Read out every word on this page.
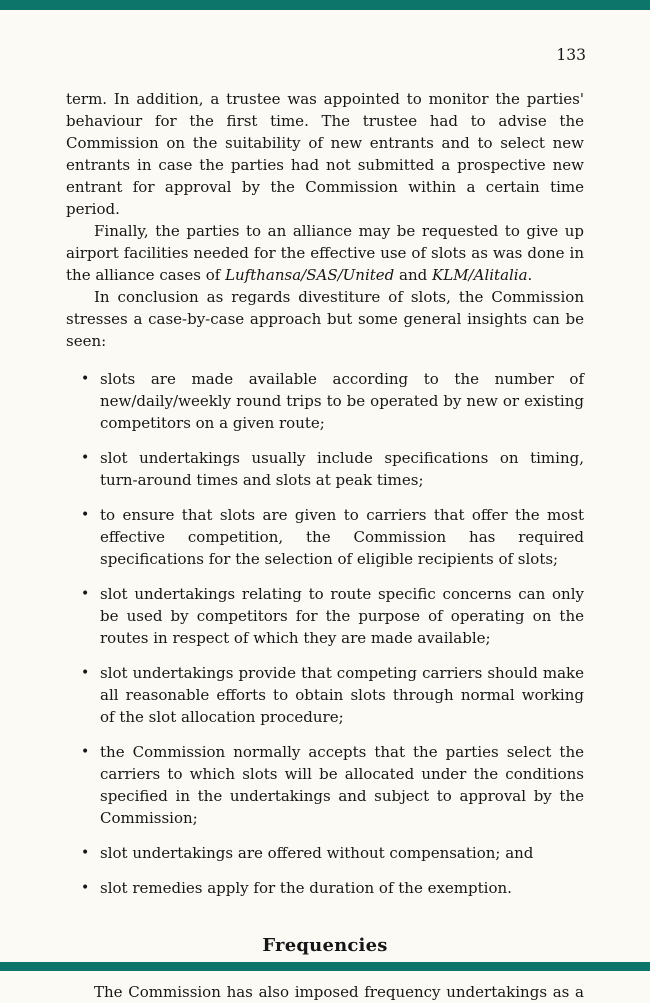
133

term. In addition, a trustee was appointed to monitor the parties' behaviour for the first time. The trustee had to advise the Commission on the suitability of new entrants and to select new entrants in case the parties had not submitted a prospective new entrant for approval by the Commission within a certain time period.

Finally, the parties to an alliance may be requested to give up airport facilities needed for the effective use of slots as was done in the alliance cases of Lufthansa/SAS/United and KLM/Alitalia.

In conclusion as regards divestiture of slots, the Commission stresses a case-by-case approach but some general insights can be seen:

• slots are made available according to the number of new/daily/weekly round trips to be operated by new or existing competitors on a given route;
• slot undertakings usually include specifications on timing, turn-around times and slots at peak times;
• to ensure that slots are given to carriers that offer the most effective competition, the Commission has required specifications for the selection of eligible recipients of slots;
• slot undertakings relating to route specific concerns can only be used by competitors for the purpose of operating on the routes in respect of which they are made available;
• slot undertakings provide that competing carriers should make all reasonable efforts to obtain slots through normal working of the slot allocation procedure;
• the Commission normally accepts that the parties select the carriers to which slots will be allocated under the conditions specified in the undertakings and subject to approval by the Commission;
• slot undertakings are offered without compensation; and
• slot remedies apply for the duration of the exemption.
Frequencies

The Commission has also imposed frequency undertakings as a
